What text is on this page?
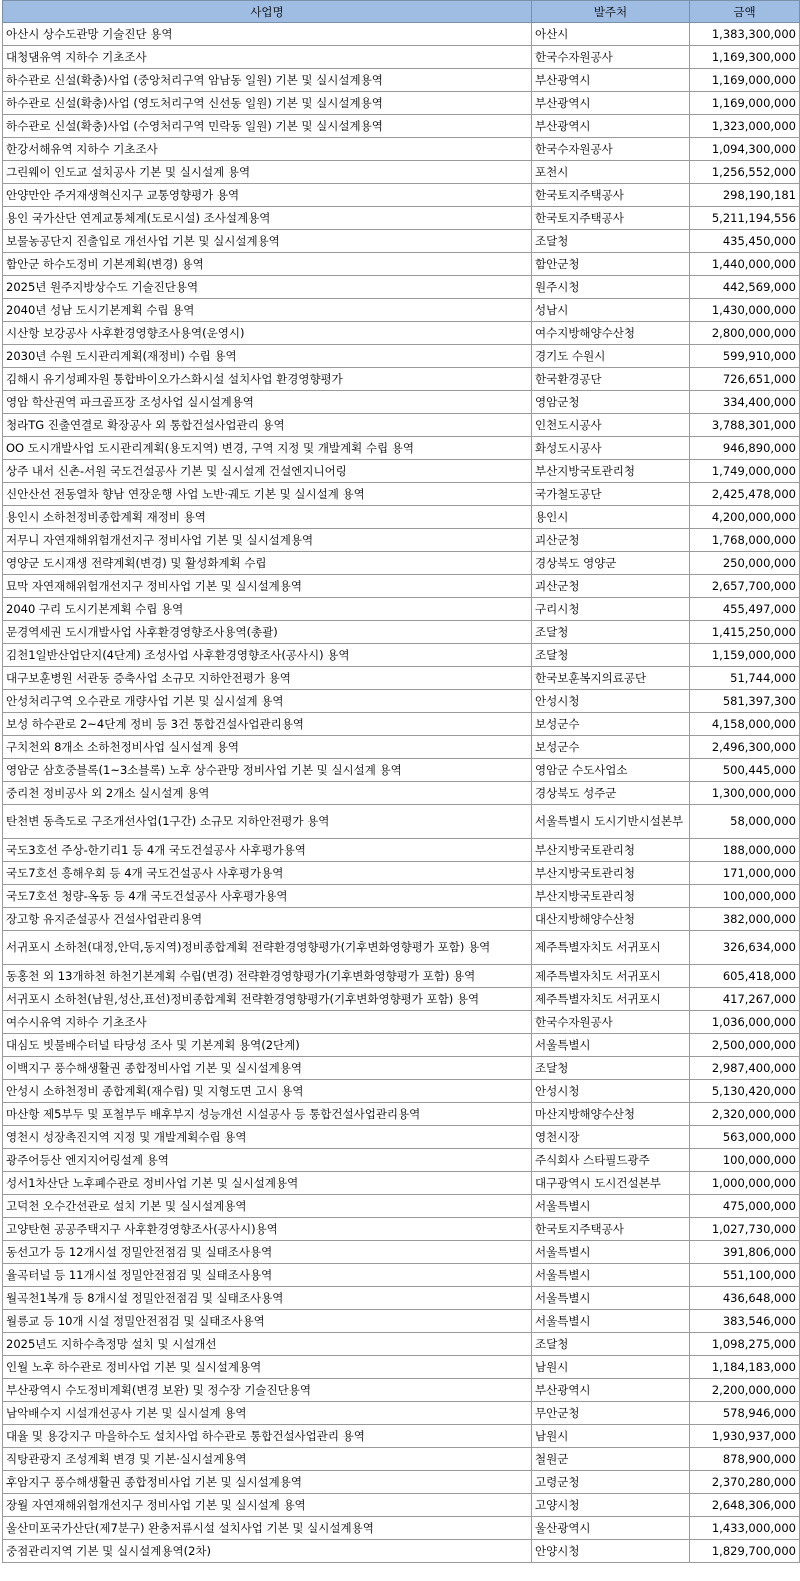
사업명	발주처	금액
아산시 상수도관망 기술진단 용역	아산시	1,383,300,000
대청댐유역 지하수 기초조사	한국수자원공사	1,169,300,000
하수관로 신설(확충)사업 (중앙처리구역 암남동 일원) 기본 및 실시설계용역	부산광역시	1,169,000,000
하수관로 신설(확충)사업 (영도처리구역 신선동 일원) 기본 및 실시설계용역	부산광역시	1,169,000,000
하수관로 신설(확충)사업 (수영처리구역 민락동 일원) 기본 및 실시설계용역	부산광역시	1,323,000,000
한강서해유역 지하수 기초조사	한국수자원공사	1,094,300,000
그린웨이 인도교 설치공사 기본 및 실시설계 용역	포천시	1,256,552,000
안양만안 주거재생혁신지구 교통영향평가 용역	한국토지주택공사	298,190,181
용인 국가산단 연계교통체계(도로시설) 조사설계용역	한국토지주택공사	5,211,194,556
보물농공단지 진출입로 개선사업 기본 및 실시설계용역	조달청	435,450,000
함안군 하수도정비 기본계획(변경) 용역	함안군청	1,440,000,000
2025년 원주지방상수도 기술진단용역	원주시청	442,569,000
2040년 성남 도시기본계획 수립 용역	성남시	1,430,000,000
시산항 보강공사 사후환경영향조사용역(운영시)	여수지방해양수산청	2,800,000,000
2030년 수원 도시관리계획(재정비) 수립 용역	경기도 수원시	599,910,000
김해시 유기성폐자원 통합바이오가스화시설 설치사업 환경영향평가	한국환경공단	726,651,000
영암 학산권역 파크골프장 조성사업 실시설계용역	영암군청	334,400,000
청라TG 진출연결로 확장공사 외 통합건설사업관리 용역	인천도시공사	3,788,301,000
OO 도시개발사업 도시관리계획(용도지역) 변경, 구역 지정 및 개발계획 수립 용역	화성도시공사	946,890,000
상주 내서 신촌-서원 국도건설공사 기본 및 실시설계 건설엔지니어링	부산지방국토관리청	1,749,000,000
신안산선 전동열차 향남 연장운행 사업 노반·궤도 기본 및 실시설계 용역	국가철도공단	2,425,478,000
용인시 소하천정비종합계획 재정비 용역	용인시	4,200,000,000
저무니 자연재해위험개선지구 정비사업 기본 및 실시설계용역	괴산군청	1,768,000,000
영양군 도시재생 전략계획(변경) 및 활성화계획 수립	경상북도 영양군	250,000,000
묘막 자연재해위험개선지구 정비사업 기본 및 실시설계용역	괴산군청	2,657,700,000
2040 구리 도시기본계획 수립 용역	구리시청	455,497,000
문경역세권 도시개발사업 사후환경영향조사용역(총괄)	조달청	1,415,250,000
김천1일반산업단지(4단계) 조성사업 사후환경영향조사(공사시) 용역	조달청	1,159,000,000
대구보훈병원 서관동 증축사업 소규모 지하안전평가 용역	한국보훈복지의료공단	51,744,000
안성처리구역 오수관로 개량사업 기본 및 실시설계 용역	안성시청	581,397,300
보성 하수관로 2~4단계 정비 등 3건 통합건설사업관리용역	보성군수	4,158,000,000
구치천외 8개소 소하천정비사업 실시설계 용역	보성군수	2,496,300,000
영암군 삼호중블록(1~3소블록) 노후 상수관망 정비사업 기본 및 실시설계 용역	영암군 수도사업소	500,445,000
중리천 정비공사 외 2개소 실시설계 용역	경상북도 성주군	1,300,000,000
탄천변 동측도로 구조개선사업(1구간) 소규모 지하안전평가 용역	서울특별시 도시기반시설본부	58,000,000
국도3호선 주상-한기리1 등 4개 국도건설공사 사후평가용역	부산지방국토관리청	188,000,000
국도7호선 흥해우회 등 4개 국도건설공사 사후평가용역	부산지방국토관리청	171,000,000
국도7호선 청량-옥동 등 4개 국도건설공사 사후평가용역	부산지방국토관리청	100,000,000
장고항 유지준설공사 건설사업관리용역	대산지방해양수산청	382,000,000
서귀포시 소하천(대정,안덕,동지역)정비종합계획 전략환경영향평가(기후변화영향평가 포함) 용역	제주특별자치도 서귀포시	326,634,000
동홍천 외 13개하천 하천기본계획 수립(변경) 전략환경영향평가(기후변화영향평가 포함) 용역	제주특별자치도 서귀포시	605,418,000
서귀포시 소하천(남원,성산,표선)정비종합계획 전략환경영향평가(기후변화영향평가 포함) 용역	제주특별자치도 서귀포시	417,267,000
여수시유역 지하수 기초조사	한국수자원공사	1,036,000,000
대심도 빗물배수터널 타당성 조사 및 기본계획 용역(2단계)	서울특별시	2,500,000,000
이백지구 풍수해생활권 종합정비사업 기본 및 실시설계용역	조달청	2,987,400,000
안성시 소하천정비 종합계획(재수립) 및 지형도면 고시 용역	안성시청	5,130,420,000
마산항 제5부두 및 포철부두 배후부지 성능개선 시설공사 등 통합건설사업관리용역	마산지방해양수산청	2,320,000,000
영천시 성장촉진지역 지정 및 개발계획수립 용역	영천시장	563,000,000
광주어등산 엔지지어링설계 용역	주식회사 스타필드광주	100,000,000
성서1차산단 노후폐수관로 정비사업 기본 및 실시설계용역	대구광역시 도시건설본부	1,000,000,000
고덕천 오수간선관로 설치 기본 및 실시설계용역	서울특별시	475,000,000
고양탄현 공공주택지구 사후환경영향조사(공사시)용역	한국토지주택공사	1,027,730,000
동선고가 등 12개시설 정밀안전점검 및 실태조사용역	서울특별시	391,806,000
율곡터널 등 11개시설 정밀안전점검 및 실태조사용역	서울특별시	551,100,000
월곡천1복개 등 8개시설 정밀안전점검 및 실태조사용역	서울특별시	436,648,000
월릉교 등 10개 시설 정밀안전점검 및 실태조사용역	서울특별시	383,546,000
2025년도 지하수측정망 설치 및 시설개선	조달청	1,098,275,000
인월 노후 하수관로 정비사업 기본 및 실시설계용역	남원시	1,184,183,000
부산광역시 수도정비계획(변경 보완) 및 정수장 기술진단용역	부산광역시	2,200,000,000
남악배수지 시설개선공사 기본 및 실시설계 용역	무안군청	578,946,000
대율 및 용강지구 마을하수도 설치사업 하수관로 통합건설사업관리 용역	남원시	1,930,937,000
직탕관광지 조성계획 변경 및 기본·실시설계용역	철원군	878,900,000
후암지구 풍수해생활권 종합정비사업 기본 및 실시설계용역	고령군청	2,370,280,000
장월 자연재해위험개선지구 정비사업 기본 및 실시설계 용역	고양시청	2,648,306,000
울산미포국가산단(제7분구) 완충저류시설 설치사업 기본 및 실시설계용역	울산광역시	1,433,000,000
중점관리지역 기본 및 실시설계용역(2차)	안양시청	1,829,700,000
